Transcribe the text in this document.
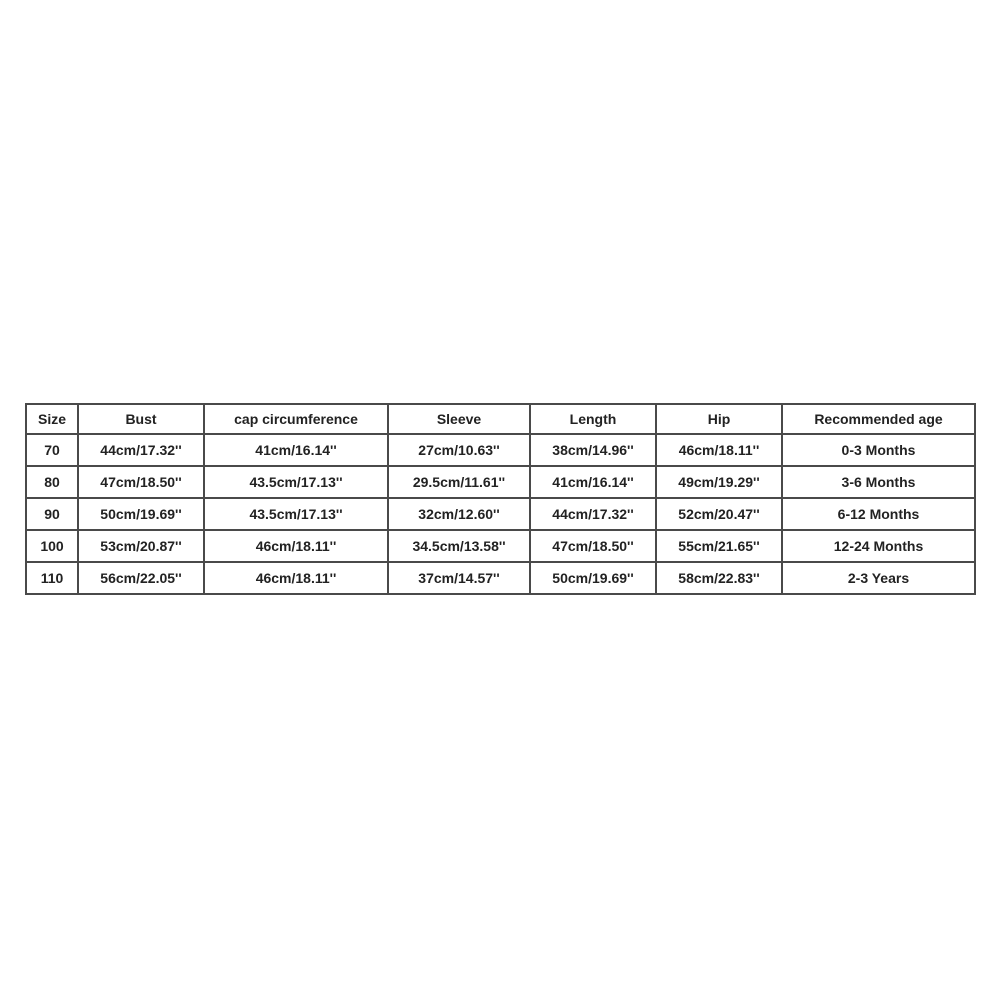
Size	Bust	cap circumference	Sleeve	Length	Hip	Recommended age
70	44cm/17.32''	41cm/16.14''	27cm/10.63''	38cm/14.96''	46cm/18.11''	0-3 Months
80	47cm/18.50''	43.5cm/17.13''	29.5cm/11.61''	41cm/16.14''	49cm/19.29''	3-6 Months
90	50cm/19.69''	43.5cm/17.13''	32cm/12.60''	44cm/17.32''	52cm/20.47''	6-12 Months
100	53cm/20.87''	46cm/18.11''	34.5cm/13.58''	47cm/18.50''	55cm/21.65''	12-24 Months
110	56cm/22.05''	46cm/18.11''	37cm/14.57''	50cm/19.69''	58cm/22.83''	2-3 Years
